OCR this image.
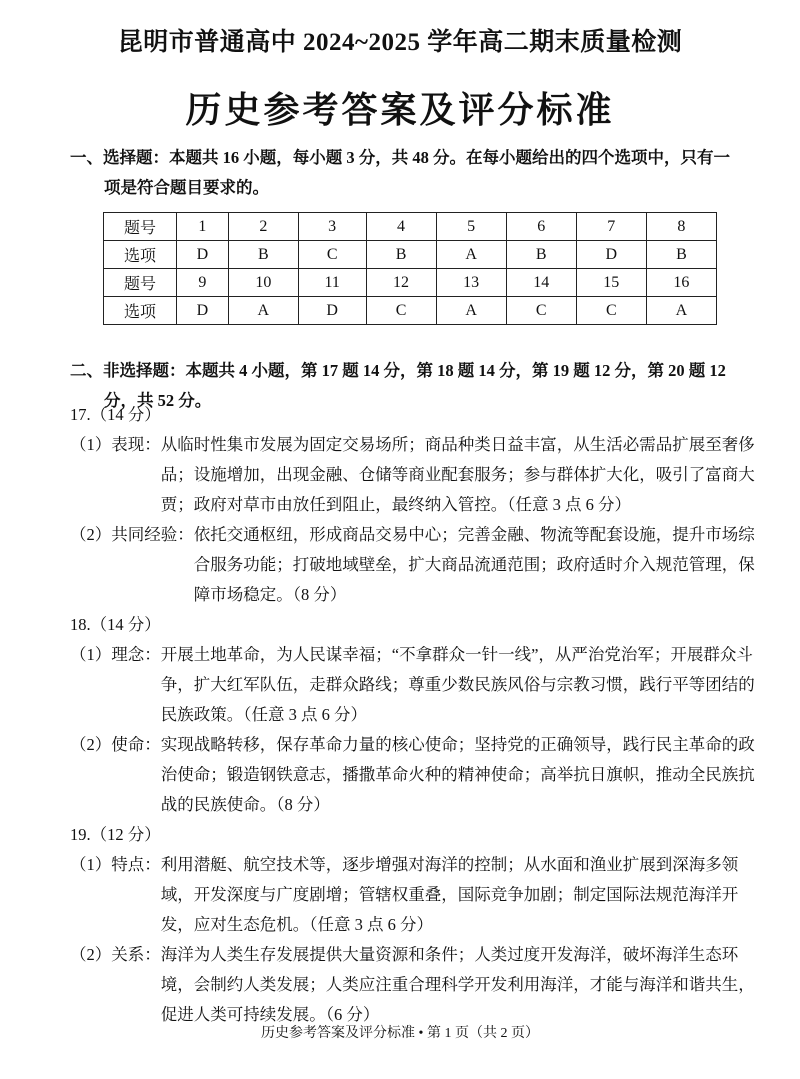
昆明市普通高中 2024~2025 学年高二期末质量检测
历史参考答案及评分标准
一、选择题：本题共 16 小题，每小题 3 分，共 48 分。在每小题给出的四个选项中，只有一
项是符合题目要求的。
题号	1	2	3	4	5	6	7	8
选项	D	B	C	B	A	B	D	B
题号	9	10	11	12	13	14	15	16
选项	D	A	D	C	A	C	C	A
二、非选择题：本题共 4 小题，第 17 题 14 分，第 18 题 14 分，第 19 题 12 分，第 20 题 12
分，共 52 分。
17.（14 分）
（1）表现： 从临时性集市发展为固定交易场所；商品种类日益丰富，从生活必需品扩展至奢侈品；设施增加，出现金融、仓储等商业配套服务；参与群体扩大化，吸引了富商大贾；政府对草市由放任到阻止，最终纳入管控。（任意 3 点 6 分）
（2）共同经验： 依托交通枢纽，形成商品交易中心；完善金融、物流等配套设施，提升市场综合服务功能；打破地域壁垒，扩大商品流通范围；政府适时介入规范管理，保障市场稳定。（8 分）
18.（14 分）
（1）理念： 开展土地革命，为人民谋幸福；“不拿群众一针一线”，从严治党治军；开展群众斗争，扩大红军队伍，走群众路线；尊重少数民族风俗与宗教习惯，践行平等团结的民族政策。（任意 3 点 6 分）
（2）使命： 实现战略转移，保存革命力量的核心使命；坚持党的正确领导，践行民主革命的政治使命；锻造钢铁意志，播撒革命火种的精神使命；高举抗日旗帜，推动全民族抗战的民族使命。（8 分）
19.（12 分）
（1）特点： 利用潜艇、航空技术等，逐步增强对海洋的控制；从水面和渔业扩展到深海多领域，开发深度与广度剧增；管辖权重叠，国际竞争加剧；制定国际法规范海洋开发，应对生态危机。（任意 3 点 6 分）
（2）关系： 海洋为人类生存发展提供大量资源和条件；人类过度开发海洋，破坏海洋生态环境，会制约人类发展；人类应注重合理科学开发利用海洋，才能与海洋和谐共生，促进人类可持续发展。（6 分）
历史参考答案及评分标准 • 第 1 页（共 2 页）
